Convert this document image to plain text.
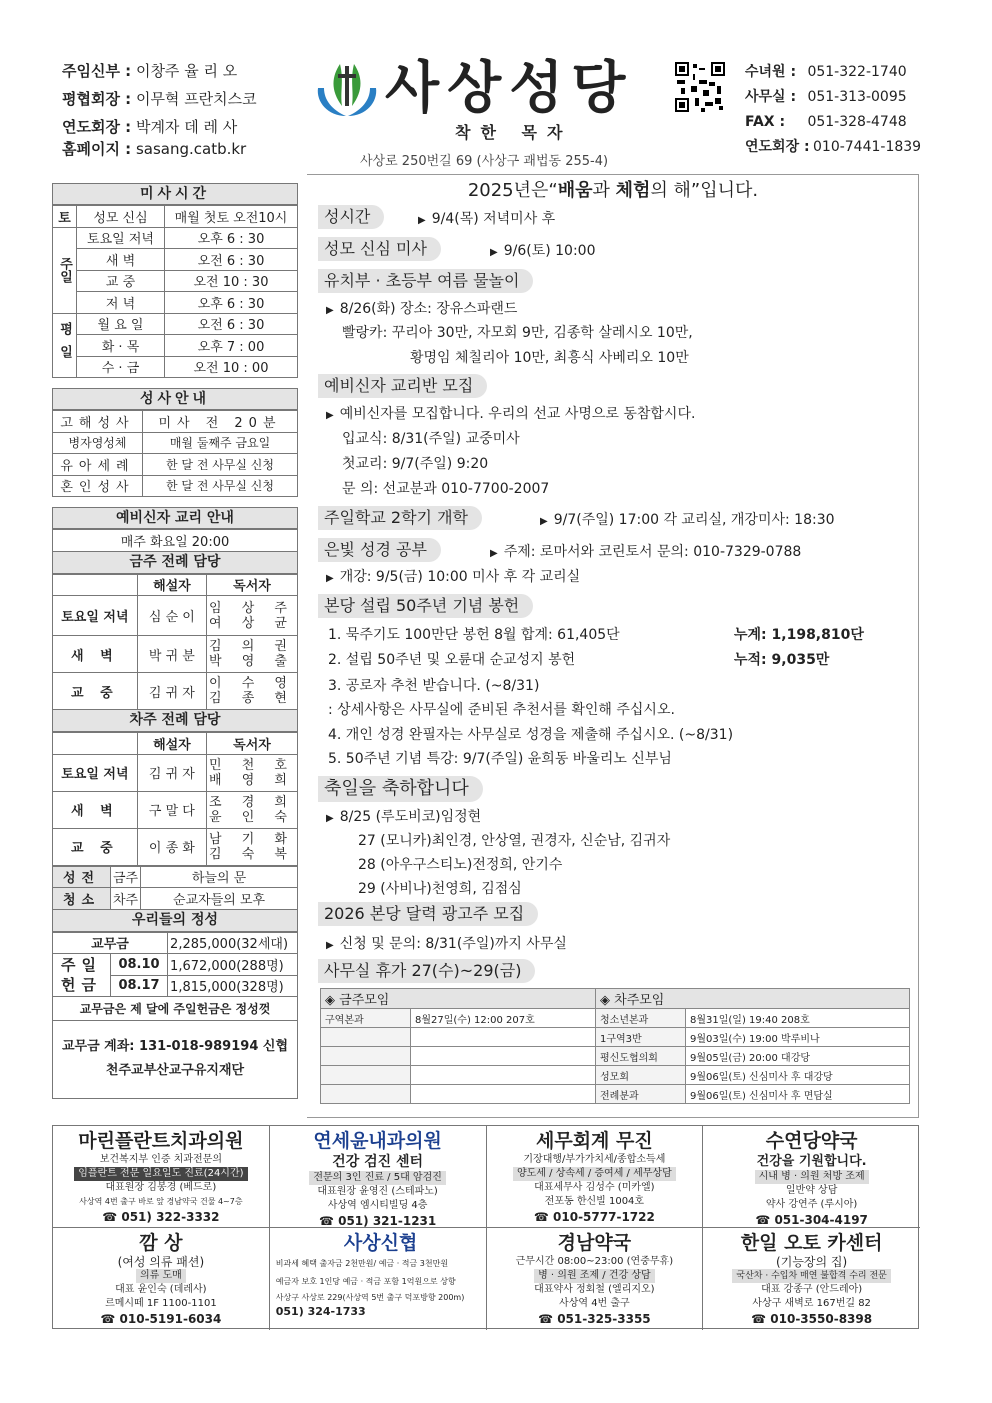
주임신부 : 이창주 율 리 오
평협회장 : 이무혁 프란치스코
연도회장 : 박계자 데 레 사
홈페이지 : sasang.catb.kr
사상성당
착한 목자
사상로 250번길 69 (사상구 괘법동 255-4)
수녀원 : 051-322-1740
사무실 : 051-313-0095
FAX : 051-328-4748
연도회장 : 010-7441-1839
미사시간
토	성모 신심	매월 첫토 오전10시

주일	토요일 저녁	오후 6 : 30
	새 벽	오전 6 : 30
	교 중	오전 10 : 30
	저 녁	오후 6 : 30

평일	월 요 일	오전 6 : 30
	화 · 목	오후 7 : 00
	수 · 금	오전 10 : 00
성사안내
고해성사	미사 전 20분
병자영성체	매월 둘째주 금요일
유아세례	한 달 전 사무실 신청
혼인성사	한 달 전 사무실 신청
예비신자 교리 안내
매주 화요일 20:00
금주 전례 담당
	해설자	독서자
토요일 저녁	심 순 이	임 상 주
여 상 균

새 벽	박 귀 분	김 의 권
박 영 출

교 중	김 귀 자	이 수 영
김 종 현
차주 전례 담당
	해설자	독서자
토요일 저녁	김 귀 자	민 천 호
배 영 희

새 벽	구 말 다	조 경 희
윤 인 숙

교 중	이 종 화	남 기 화
김 숙 복
성전	금주	하늘의 문
청소	차주	순교자들의 모후
우리들의 정성
교무금		2,285,000(32세대)

주일
헌금	08.10	1,672,000(288명)
	08.17	1,815,000(328명)
교무금은 제 달에 주일헌금은 정성껏
교무금 계좌: 131-018-989194 신협
천주교부산교구유지재단
2025년은“배움과 체험의 해”입니다.
성시간	▶ 9/4(목) 저녁미사 후
성모 신심 미사	▶ 9/6(토) 10:00
유치부 · 초등부 여름 물놀이
▶ 8/26(화) 장소: 장유스파랜드
빨랑카: 꾸리아 30만, 자모회 9만, 김종학 살레시오 10만,
황명임 체칠리아 10만, 최흥식 사베리오 10만
예비신자 교리반 모집
▶ 예비신자를 모집합니다. 우리의 선교 사명으로 동참합시다.
입교식: 8/31(주일) 교중미사
첫교리: 9/7(주일) 9:20
문 의: 선교분과 010-7700-2007
주일학교 2학기 개학	▶ 9/7(주일) 17:00 각 교리실, 개강미사: 18:30
은빛 성경 공부	▶ 주제: 로마서와 코린토서 문의: 010-7329-0788
▶ 개강: 9/5(금) 10:00 미사 후 각 교리실
본당 설립 50주년 기념 봉헌
1. 묵주기도 100만단 봉헌 8월 합계: 61,405단	누계: 1,198,810단
2. 설립 50주년 및 오륜대 순교성지 봉헌	누적: 9,035만
3. 공로자 추천 받습니다. (~8/31)
: 상세사항은 사무실에 준비된 추천서를 확인해 주십시오.
4. 개인 성경 완필자는 사무실로 성경을 제출해 주십시오. (~8/31)
5. 50주년 기념 특강: 9/7(주일) 윤희동 바울리노 신부님
축일을 축하합니다
▶ 8/25 (루도비코)임정현
27 (모니카)최인경, 안상열, 권경자, 신순남, 김귀자
28 (아우구스티노)전정희, 안기수
29 (사비나)천영희, 김점심
2026 본당 달력 광고주 모집
▶ 신청 및 문의: 8/31(주일)까지 사무실
사무실 휴가 27(수)~29(금)
◈ 금주모임		◈ 차주모임	
구역본과	8월27일(수) 12:00 207호	청소년본과	8월31일(일) 19:40 208호
		1구역3반	9월03일(수) 19:00 박루비나
		평신도협의회	9월05일(금) 20:00 대강당
		성모회	9월06일(토) 신심미사 후 대강당
		전례분과	9월06일(토) 신심미사 후 면담실
마린플란트치과의원
보건복지부 인증 치과전문의
임플란트 전문 일요일도 진료(24시간)
대표원장 김봉경 (베드로)
사상역 4번 출구 바로 앞 경남약국 건물 4~7층
☎ 051) 322-3332
연세윤내과의원
건강 검진 센터
전문의 3인 진료 / 5대 암검진
대표원장 윤영진 (스테파노)
사상역 엠시티빌딩 4층
☎ 051) 321-1231
세무회계 무진
기장대행/부가가치세/종합소득세
양도세 / 상속세 / 증여세 / 세무상담
대표세무사 김성수 (미카엘)
전포동 한신빌 1004호
☎ 010-5777-1722
수연당약국
건강을 기원합니다.
시내 병 · 의원 처방 조제
일반약 상담
약사 강연주 (루시아)
☎ 051-304-4197
깜 상
(여성 의류 패션)
의류 도매
대표 윤인숙 (데레사)
르메시떼 1F 1100-1101
☎ 010-5191-6034
사상신협
비과세 혜택 출자금 2천만원/ 예금 · 적금 3천만원
예금자 보호 1인당 예금 · 적금 포함 1억원으로 상향
사상구 사상로 229(사상역 5번 출구 덕포방향 200m)
051) 324-1733
경남약국
근무시간 08:00~23:00 (연중무휴)
병 · 의원 조제 / 건강 상담
대표약사 정회철 (엘리지오)
사상역 4번 출구
☎ 051-325-3355
한일 오토 카센터
(기능장의 집)
국산차 · 수입차 매연 불합격 수리 전문
대표 강종구 (안드레아)
사상구 새벽로 167번길 82
☎ 010-3550-8398
